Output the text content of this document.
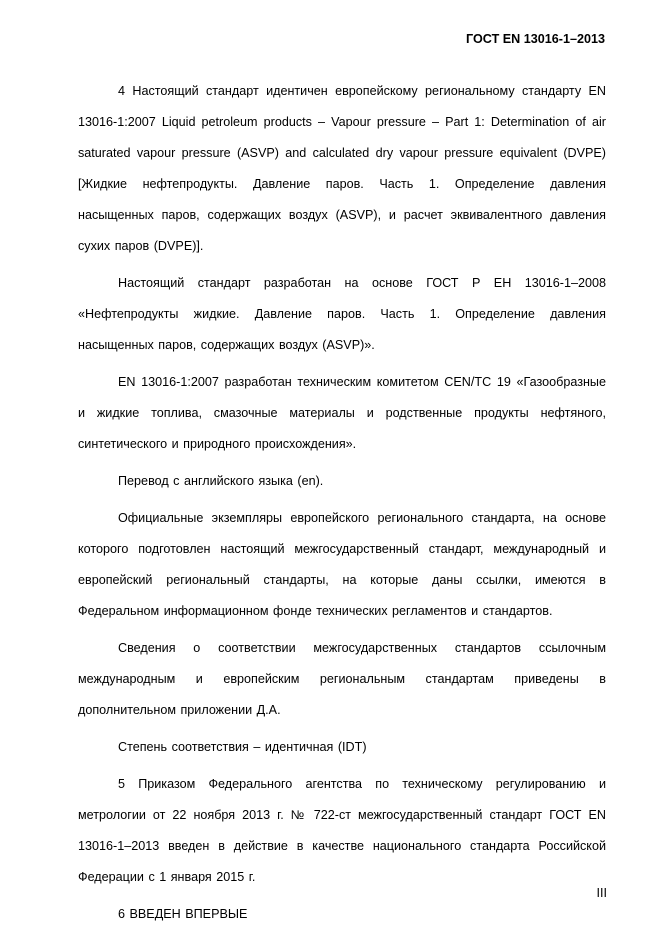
ГОСТ EN 13016-1–2013

4 Настоящий стандарт идентичен европейскому региональному стандарту EN 13016-1:2007 Liquid petroleum products – Vapour pressure – Part 1: Determination of air saturated vapour pressure (ASVP) and calculated dry vapour pressure equivalent (DVPE) [Жидкие нефтепродукты. Давление паров. Часть 1. Определение давления насыщенных паров, содержащих воздух (ASVP), и расчет эквивалентного давления сухих паров (DVPE)].

Настоящий стандарт разработан на основе ГОСТ Р ЕН 13016-1–2008 «Нефтепродукты жидкие. Давление паров. Часть 1. Определение давления насыщенных паров, содержащих воздух (ASVP)».

EN 13016-1:2007 разработан техническим комитетом CEN/TC 19 «Газообразные и жидкие топлива, смазочные материалы и родственные продукты нефтяного, синтетического и природного происхождения».

Перевод с английского языка (en).

Официальные экземпляры европейского регионального стандарта, на основе которого подготовлен настоящий межгосударственный стандарт, международный и европейский региональный стандарты, на которые даны ссылки, имеются в Федеральном информационном фонде технических регламентов и стандартов.

Сведения о соответствии межгосударственных стандартов ссылочным международным и европейским региональным стандартам приведены в дополнительном приложении Д.А.

Степень соответствия – идентичная (IDT)

5 Приказом Федерального агентства по техническому регулированию и метрологии от 22 ноября 2013 г. № 722-ст межгосударственный стандарт ГОСТ EN 13016-1–2013 введен в действие в качестве национального стандарта Российской Федерации с 1 января 2015 г.

6 ВВЕДЕН ВПЕРВЫЕ

III
